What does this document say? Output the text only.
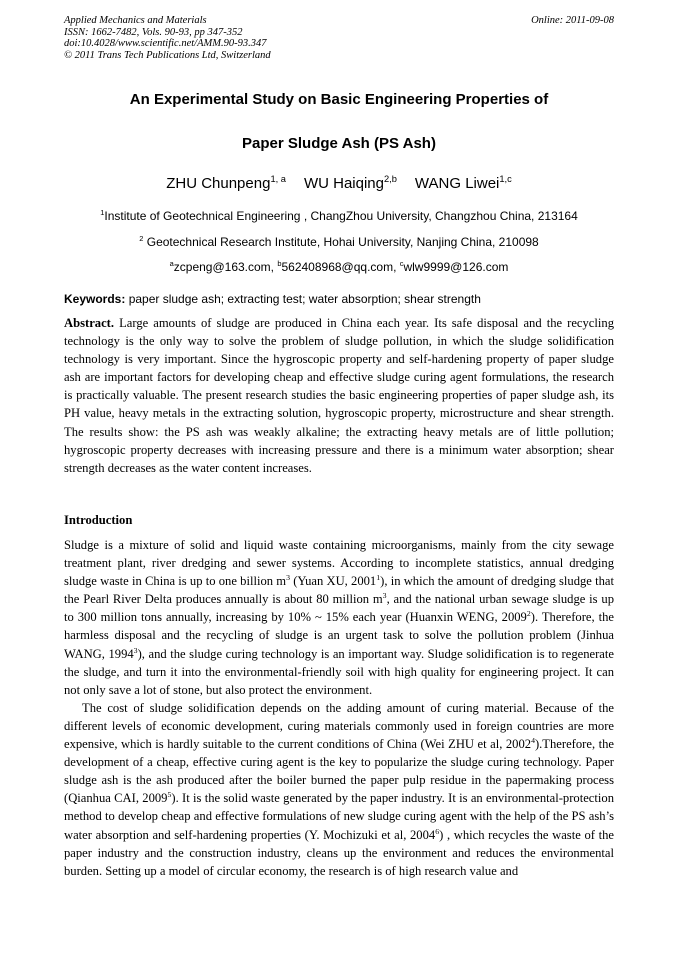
Applied Mechanics and Materials
ISSN: 1662-7482, Vols. 90-93, pp 347-352
doi:10.4028/www.scientific.net/AMM.90-93.347
© 2011 Trans Tech Publications Ltd, Switzerland
Online: 2011-09-08
An Experimental Study on Basic Engineering Properties of
Paper Sludge Ash (PS Ash)
ZHU Chunpeng$^{1, a}$ WU Haiqing$^{2,b}$ WANG Liwei$^{1,c}$
$^1$Institute of Geotechnical Engineering , ChangZhou University, Changzhou China, 213164
$^2$ Geotechnical Research Institute, Hohai University, Nanjing China, 210098
$^a$zcpeng@163.com, $^b$562408968@qq.com, $^c$wlw9999@126.com
Keywords: paper sludge ash; extracting test; water absorption; shear strength
Abstract. Large amounts of sludge are produced in China each year. Its safe disposal and the recycling technology is the only way to solve the problem of sludge pollution, in which the sludge solidification technology is very important. Since the hygroscopic property and self-hardening property of paper sludge ash are important factors for developing cheap and effective sludge curing agent formulations, the research is practically valuable. The present research studies the basic engineering properties of paper sludge ash, its PH value, heavy metals in the extracting solution, hygroscopic property, microstructure and shear strength. The results show: the PS ash was weakly alkaline; the extracting heavy metals are of little pollution; hygroscopic property decreases with increasing pressure and there is a minimum water absorption; shear strength decreases as the water content increases.
Introduction

Sludge is a mixture of solid and liquid waste containing microorganisms, mainly from the city sewage treatment plant, river dredging and sewer systems. According to incomplete statistics, annual dredging sludge waste in China is up to one billion $m^3$ (Yuan XU, 2001$^1$), in which the amount of dredging sludge that the Pearl River Delta produces annually is about 80 million $m^3$, and the national urban sewage sludge is up to 300 million tons annually, increasing by 10% ~ 15% each year (Huanxin WENG, 2009$^2$). Therefore, the harmless disposal and the recycling of sludge is an urgent task to solve the pollution problem (Jinhua WANG, 1994$^3$), and the sludge curing technology is an important way. Sludge solidification is to regenerate the sludge, and turn it into the environmental-friendly soil with high quality for engineering project. It can not only save a lot of stone, but also protect the environment.

The cost of sludge solidification depends on the adding amount of curing material. Because of the different levels of economic development, curing materials commonly used in foreign countries are more expensive, which is hardly suitable to the current conditions of China (Wei ZHU et al, 2002$^4$).Therefore, the development of a cheap, effective curing agent is the key to popularize the sludge curing technology. Paper sludge ash is the ash produced after the boiler burned the paper pulp residue in the papermaking process (Qianhua CAI, 2009$^5$). It is the solid waste generated by the paper industry. It is an environmental-protection method to develop cheap and effective formulations of new sludge curing agent with the help of the PS ash’s water absorption and self-hardening properties (Y. Mochizuki et al, 2004$^6$) , which recycles the waste of the paper industry and the construction industry, cleans up the environment and reduces the environmental burden. Setting up a model of circular economy, the research is of high research value and
